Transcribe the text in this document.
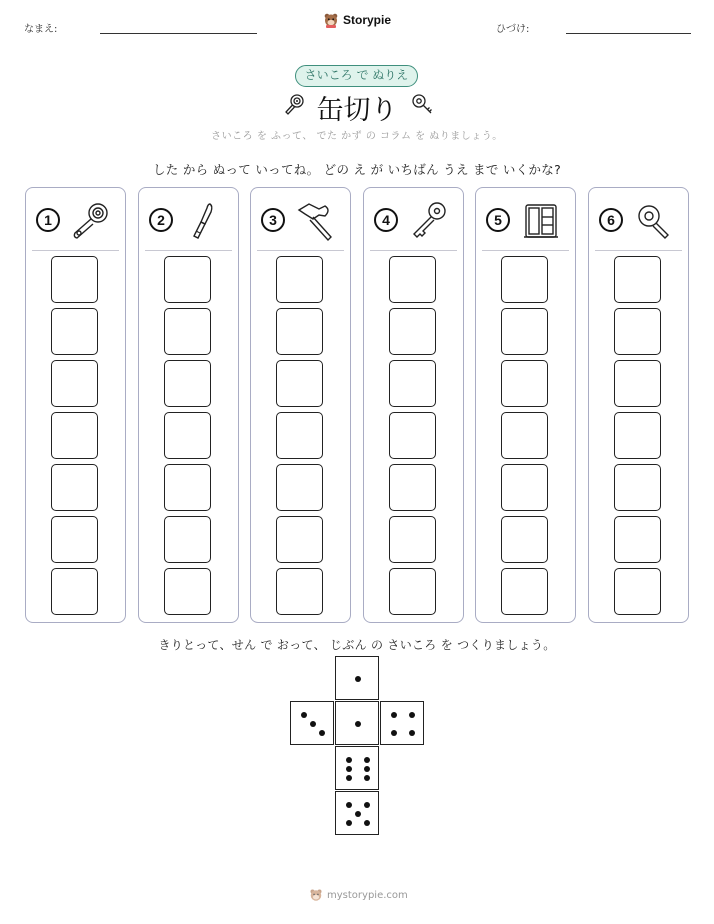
なまえ:
Storypie
ひづけ:
さいころ で ぬりえ
缶切り
さいころ を ふって、 でた かず の コラム を ぬりましょう。
した から ぬって いってね。 どの え が いちばん うえ まで いくかな?
1	2	3	4	5	6
きりとって、せん で おって、 じぶん の さいころ を つくりましょう。
mystorypie.com
